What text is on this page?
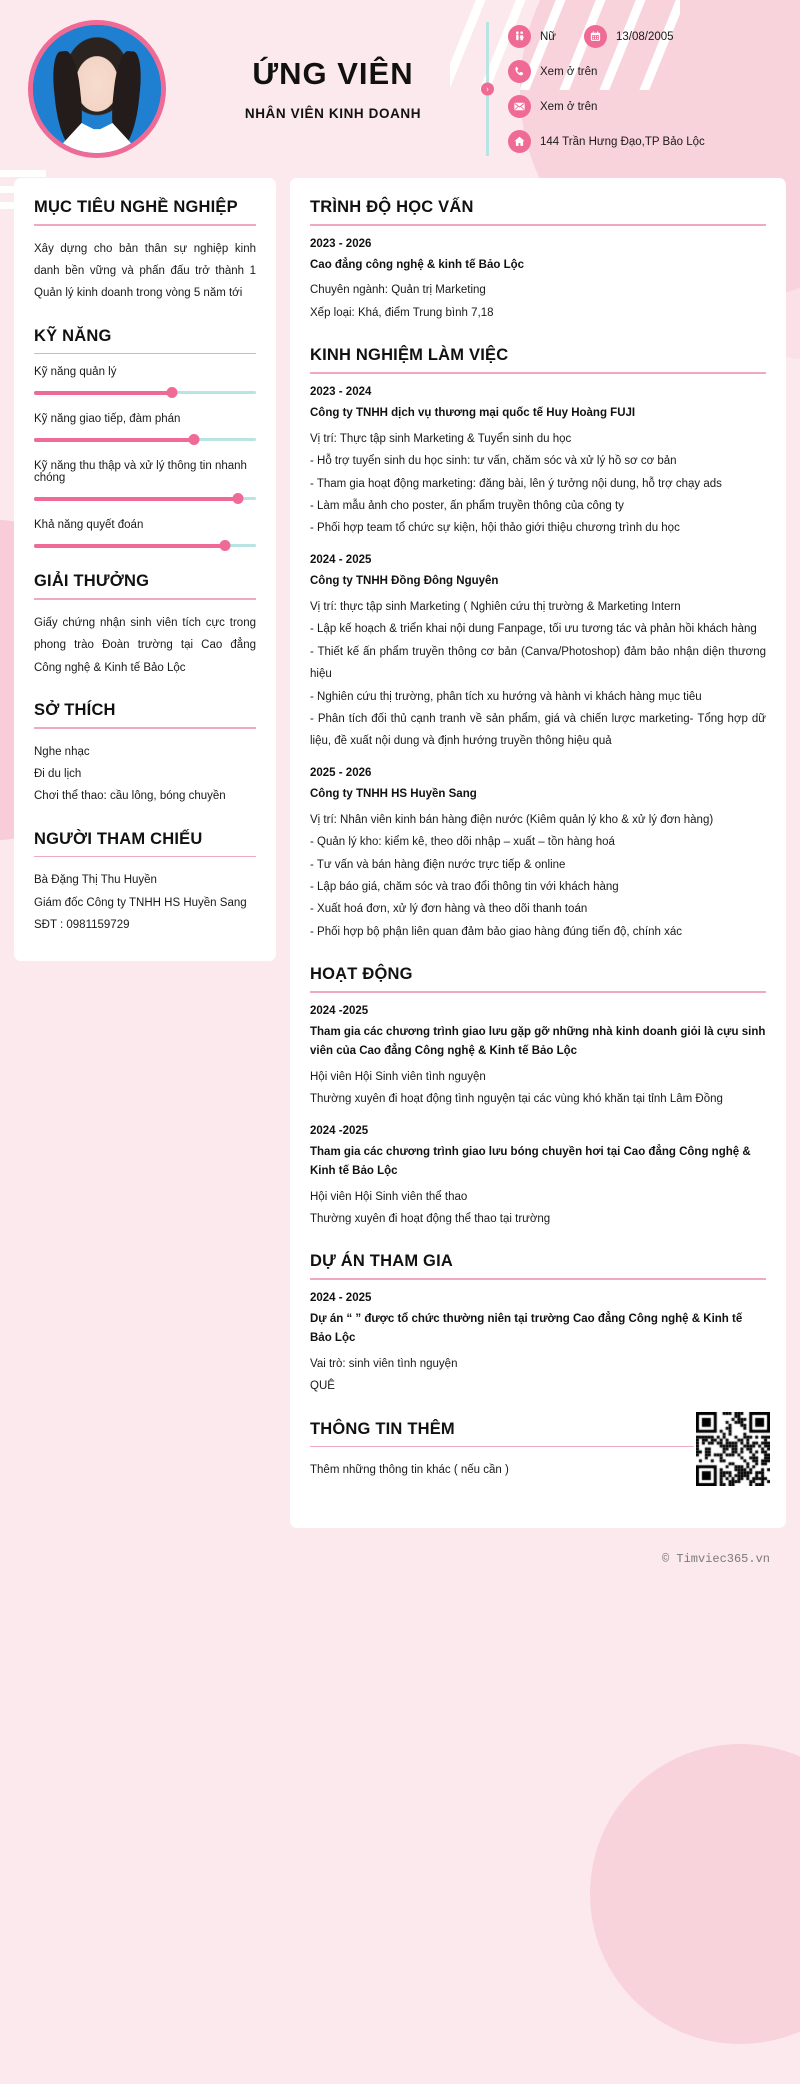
ỨNG VIÊN
NHÂN VIÊN KINH DOANH
›
Nữ	13/08/2005
Xem ở trên
Xem ở trên
144 Trần Hưng Đạo,TP Bảo Lộc
MỤC TIÊU NGHỀ NGHIỆP

Xây dựng cho bản thân sự nghiệp kinh danh bền vững và phấn đấu trở thành 1 Quản lý kinh doanh trong vòng 5 năm tới

KỸ NĂNG
Kỹ năng quản lý
Kỹ năng giao tiếp, đàm phán
Kỹ năng thu thập và xử lý thông tin nhanh chóng
Khả năng quyết đoán
GIẢI THƯỞNG

Giấy chứng nhận sinh viên tích cực trong phong trào Đoàn trường tại Cao đẳng Công nghệ & Kinh tế Bảo Lộc

SỞ THÍCH
Nghe nhạc
Đi du lịch
Chơi thể thao: cầu lông, bóng chuyền
NGƯỜI THAM CHIẾU
Bà Đặng Thị Thu Huyền
Giám đốc Công ty TNHH HS Huyền Sang
SĐT : 0981159729
TRÌNH ĐỘ HỌC VẤN
2023 - 2026
Cao đẳng công nghệ & kinh tế Bảo Lộc
Chuyên ngành: Quản trị Marketing
Xếp loại: Khá, điểm Trung bình 7,18
KINH NGHIỆM LÀM VIỆC
2023 - 2024
Công ty TNHH dịch vụ thương mại quốc tế Huy Hoàng FUJI
Vị trí: Thực tập sinh Marketing & Tuyển sinh du học
- Hỗ trợ tuyển sinh du học sinh: tư vấn, chăm sóc và xử lý hồ sơ cơ bản
- Tham gia hoạt động marketing: đăng bài, lên ý tưởng nội dung, hỗ trợ chạy ads
- Làm mẫu ảnh cho poster, ấn phẩm truyền thông của công ty
- Phối hợp team tổ chức sự kiện, hội thảo giới thiệu chương trình du học
2024 - 2025
Công ty TNHH Đồng Đông Nguyên
Vị trí: thực tập sinh Marketing ( Nghiên cứu thị trường & Marketing Intern
- Lập kế hoạch & triển khai nội dung Fanpage, tối ưu tương tác và phản hồi khách hàng
- Thiết kế ấn phẩm truyền thông cơ bản (Canva/Photoshop) đảm bảo nhận diện thương hiệu
- Nghiên cứu thị trường, phân tích xu hướng và hành vi khách hàng mục tiêu
- Phân tích đối thủ cạnh tranh về sản phẩm, giá và chiến lược marketing- Tổng hợp dữ liệu, đề xuất nội dung và định hướng truyền thông hiệu quả
2025 - 2026
Công ty TNHH HS Huyền Sang
Vị trí: Nhân viên kinh bán hàng điện nước (Kiêm quản lý kho & xử lý đơn hàng)
- Quản lý kho: kiểm kê, theo dõi nhập – xuất – tồn hàng hoá
- Tư vấn và bán hàng điện nước trực tiếp & online
- Lập báo giá, chăm sóc và trao đổi thông tin với khách hàng
- Xuất hoá đơn, xử lý đơn hàng và theo dõi thanh toán
- Phối hợp bộ phận liên quan đảm bảo giao hàng đúng tiến độ, chính xác
HOẠT ĐỘNG
2024 -2025
Tham gia các chương trình giao lưu gặp gỡ những nhà kinh doanh giỏi là cựu sinh viên của Cao đẳng Công nghệ & Kinh tế Bảo Lộc
Hội viên Hội Sinh viên tình nguyện
Thường xuyên đi hoạt động tình nguyện tại các vùng khó khăn tại tỉnh Lâm Đồng
2024 -2025
Tham gia các chương trình giao lưu bóng chuyền hơi tại Cao đẳng Công nghệ & Kinh tế Bảo Lộc
Hội viên Hội Sinh viên thể thao
Thường xuyên đi hoạt động thể thao tại trường
DỰ ÁN THAM GIA
2024 - 2025
Dự án “ ” được tổ chức thường niên tại trường Cao đẳng Công nghệ & Kinh tế Bảo Lộc
Vai trò: sinh viên tình nguyện
QUÊ
THÔNG TIN THÊM

Thêm những thông tin khác ( nếu cần )

© Timviec365.vn
